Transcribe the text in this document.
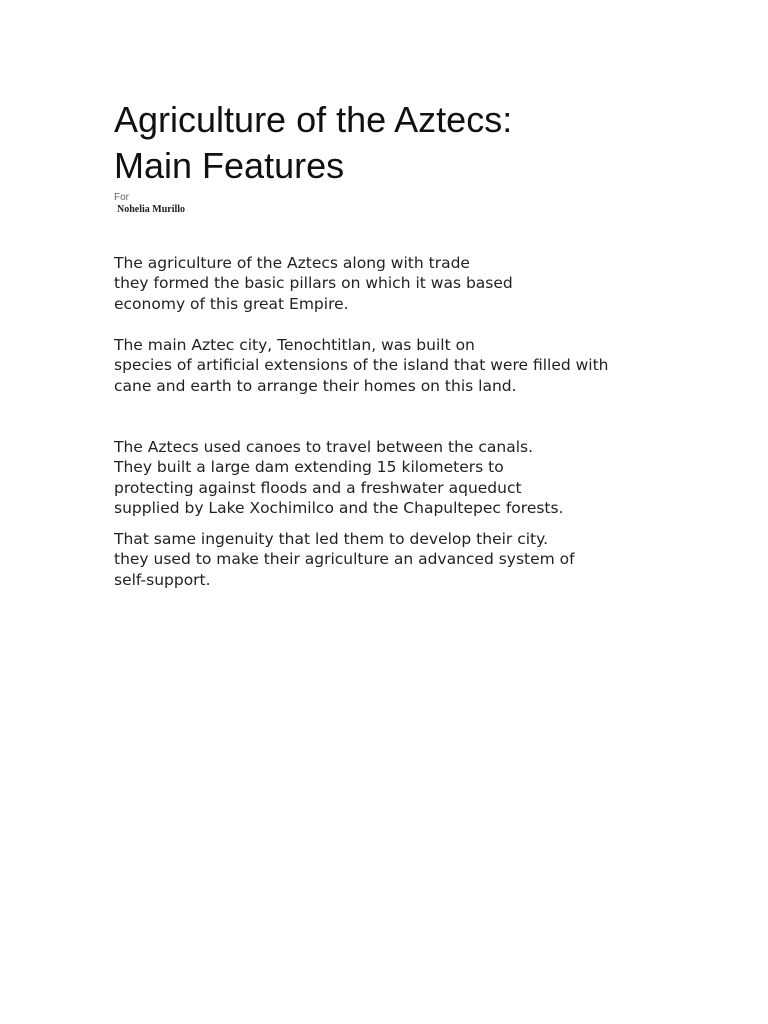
Agriculture of the Aztecs:
Main Features
For
Nohelia Murillo

The agriculture of the Aztecs along with trade
they formed the basic pillars on which it was based
economy of this great Empire.

The main Aztec city, Tenochtitlan, was built on
species of artificial extensions of the island that were filled with
cane and earth to arrange their homes on this land.

The Aztecs used canoes to travel between the canals.
They built a large dam extending 15 kilometers to
protecting against floods and a freshwater aqueduct
supplied by Lake Xochimilco and the Chapultepec forests.

That same ingenuity that led them to develop their city.
they used to make their agriculture an advanced system of
self-support.
